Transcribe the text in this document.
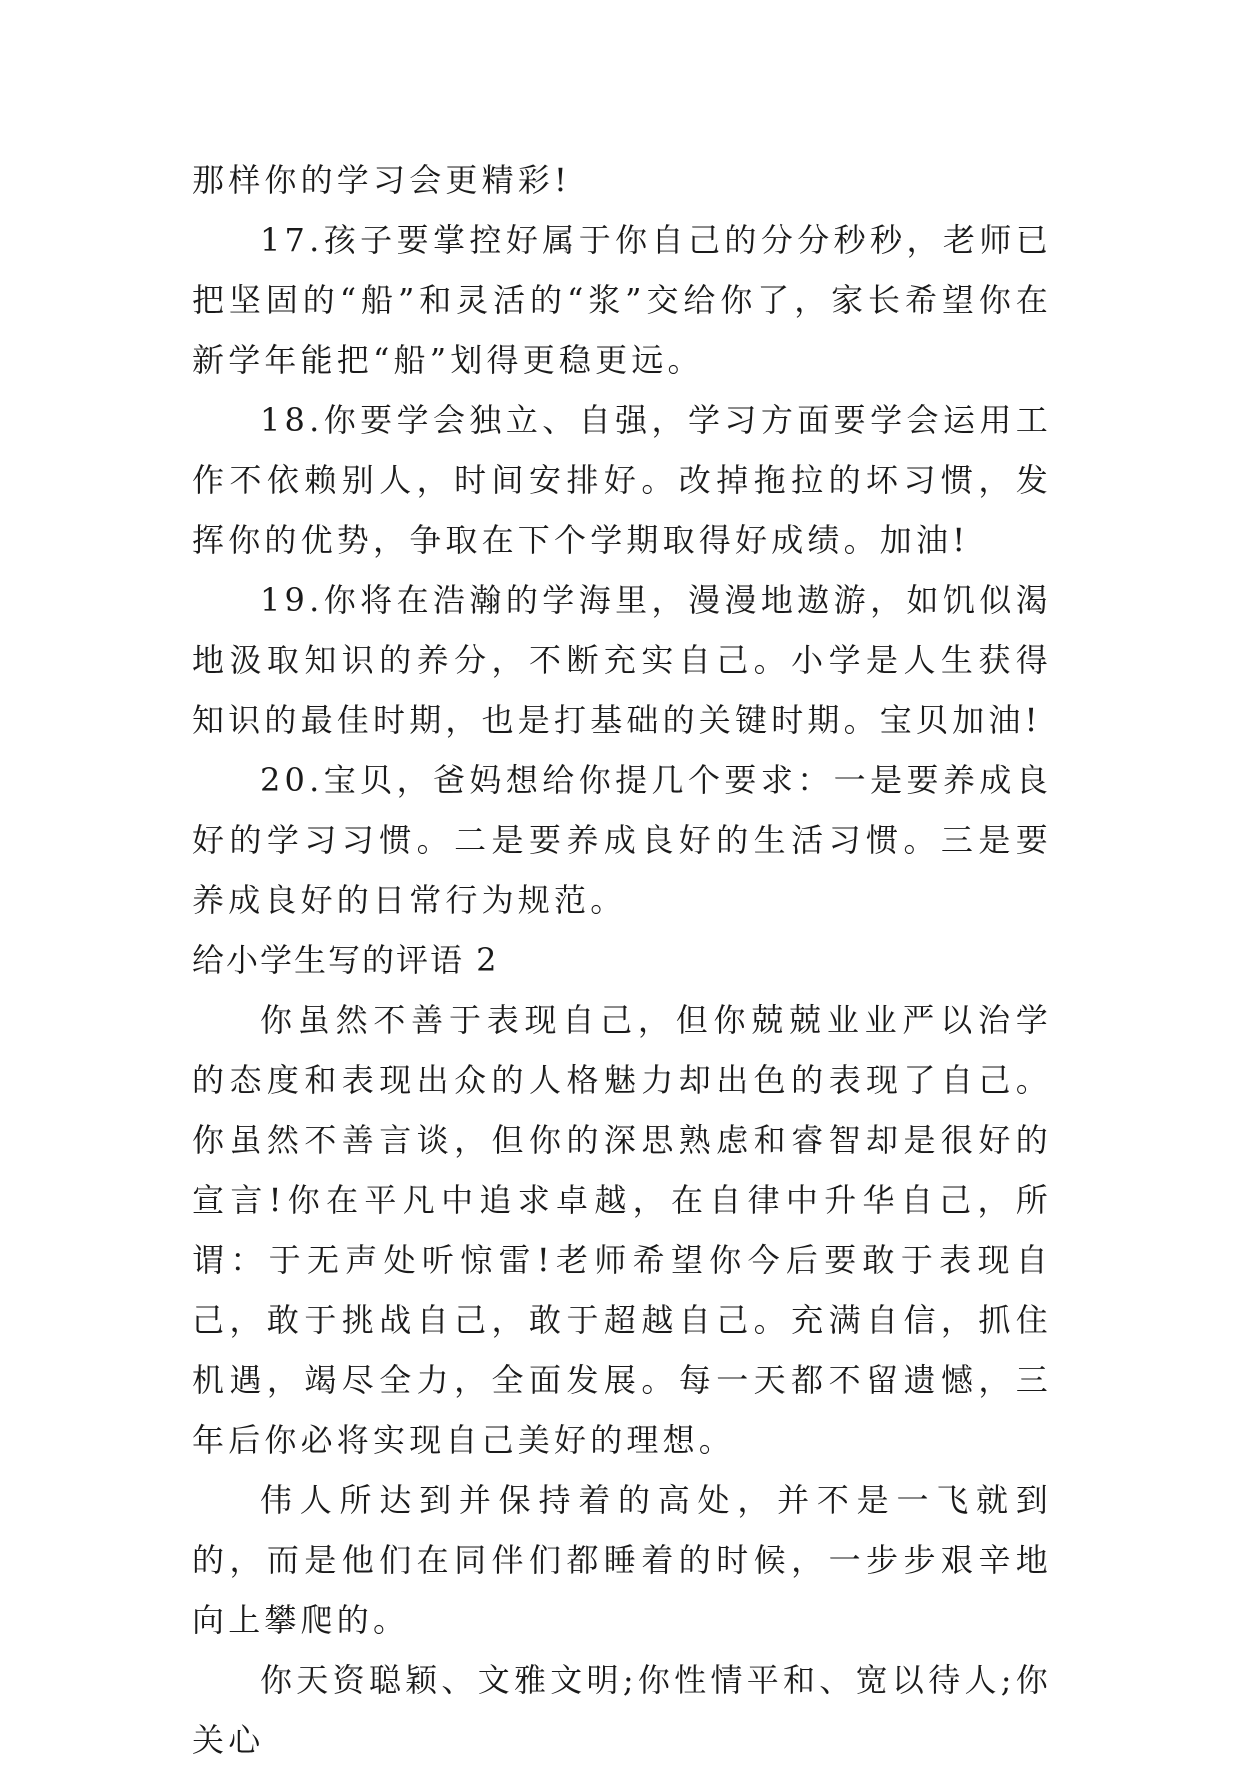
那样你的学习会更精彩!

17.孩子要掌控好属于你自己的分分秒秒，老师已把坚固的“船”和灵活的“浆”交给你了，家长希望你在新学年能把“船”划得更稳更远。

18.你要学会独立、自强，学习方面要学会运用工作不依赖别人，时间安排好。改掉拖拉的坏习惯，发挥你的优势，争取在下个学期取得好成绩。加油!

19.你将在浩瀚的学海里，漫漫地遨游，如饥似渴地汲取知识的养分，不断充实自己。小学是人生获得知识的最佳时期，也是打基础的关键时期。宝贝加油!

20.宝贝，爸妈想给你提几个要求：一是要养成良好的学习习惯。二是要养成良好的生活习惯。三是要养成良好的日常行为规范。

给小学生写的评语 2

你虽然不善于表现自己，但你兢兢业业严以治学的态度和表现出众的人格魅力却出色的表现了自己。你虽然不善言谈，但你的深思熟虑和睿智却是很好的宣言!你在平凡中追求卓越，在自律中升华自己，所谓：于无声处听惊雷!老师希望你今后要敢于表现自己，敢于挑战自己，敢于超越自己。充满自信，抓住机遇，竭尽全力，全面发展。每一天都不留遗憾，三年后你必将实现自己美好的理想。

伟人所达到并保持着的高处，并不是一飞就到的，而是他们在同伴们都睡着的时候，一步步艰辛地向上攀爬的。

你天资聪颖、文雅文明;你性情平和、宽以待人;你关心
